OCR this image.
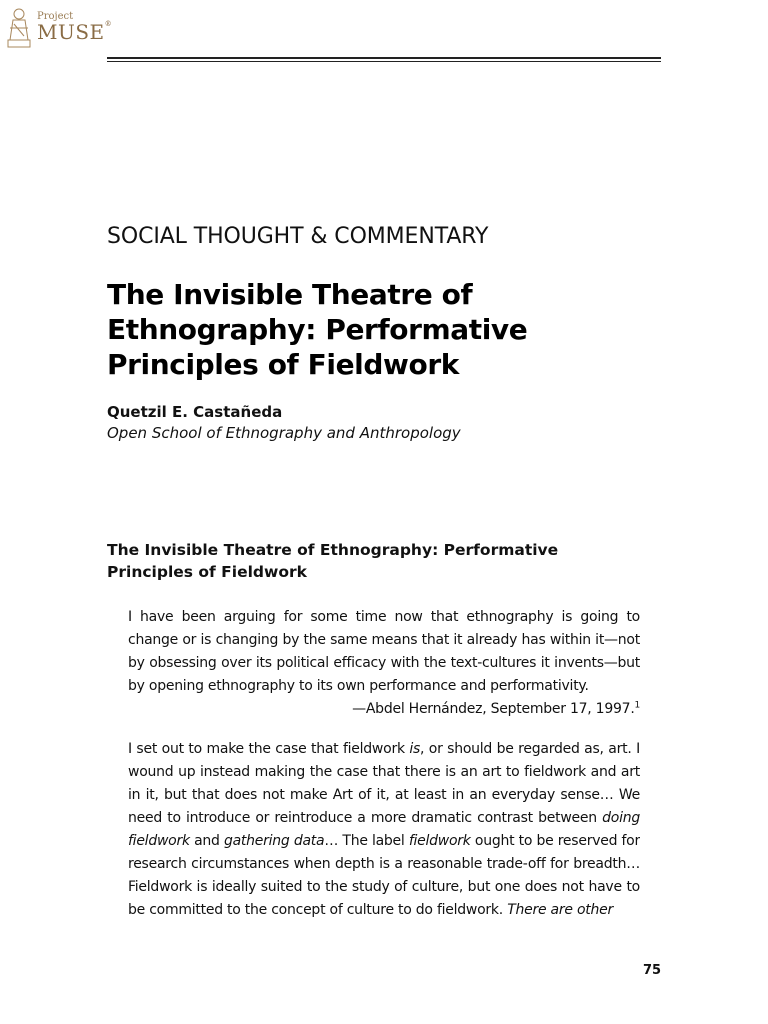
Project
MUSE®
SOCIAL THOUGHT & COMMENTARY
The Invisible Theatre of
Ethnography: Performative
Principles of Fieldwork
Quetzil E. Castañeda
Open School of Ethnography and Anthropology
The Invisible Theatre of Ethnography: Performative
Principles of Fieldwork
I have been arguing for some time now that ethnography is going to change or is changing by the same means that it already has within it—not by obsessing over its political efficacy with the text-cultures it invents—but by opening ethnography to its own performance and performativity.
—Abdel Hernández, September 17, 1997.$^1$
I set out to make the case that fieldwork is, or should be regarded as, art. I wound up instead making the case that there is an art to fieldwork and art in it, but that does not make Art of it, at least in an everyday sense… We need to introduce or reintroduce a more dramatic contrast between doing fieldwork and gathering data… The label fieldwork ought to be reserved for research circumstances when depth is a reasonable trade-off for breadth… Fieldwork is ideally suited to the study of culture, but one does not have to be committed to the concept of culture to do fieldwork. There are other
75
